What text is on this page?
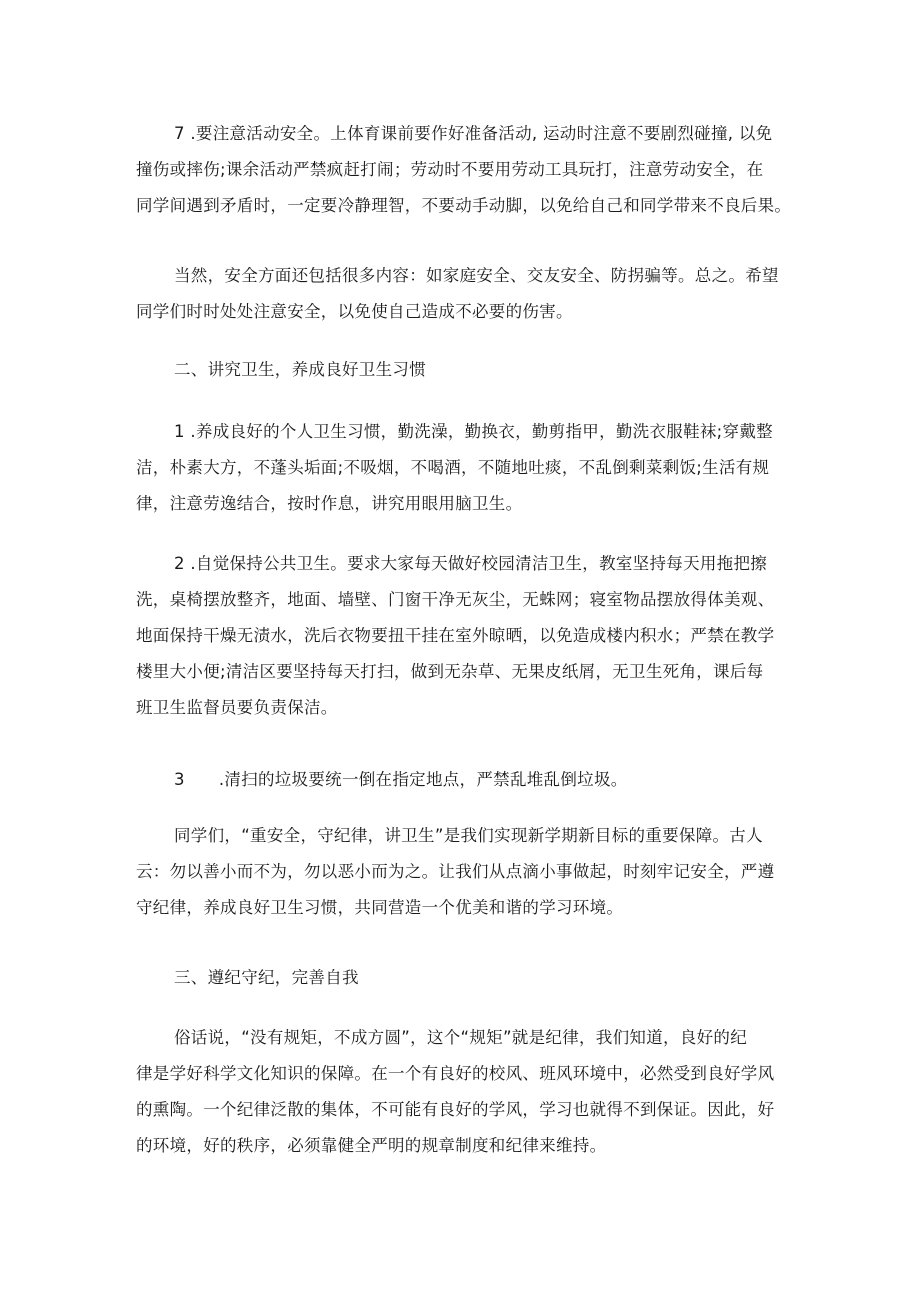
7 .要注意活动安全。上体育课前要作好准备活动, 运动时注意不要剧烈碰撞, 以免
撞伤或摔伤;课余活动严禁疯赶打闹；劳动时不要用劳动工具玩打，注意劳动安全，在
同学间遇到矛盾时，一定要冷静理智，不要动手动脚，以免给自己和同学带来不良后果。
当然，安全方面还包括很多内容：如家庭安全、交友安全、防拐骗等。总之。希望
同学们时时处处注意安全，以免使自己造成不必要的伤害。
二、讲究卫生，养成良好卫生习惯
1 .养成良好的个人卫生习惯，勤洗澡，勤换衣，勤剪指甲，勤洗衣服鞋袜;穿戴整
洁，朴素大方，不蓬头垢面;不吸烟，不喝酒，不随地吐痰，不乱倒剩菜剩饭;生活有规
律，注意劳逸结合，按时作息，讲究用眼用脑卫生。
2 .自觉保持公共卫生。要求大家每天做好校园清洁卫生，教室坚持每天用拖把擦
洗，桌椅摆放整齐，地面、墙壁、门窗干净无灰尘，无蛛网；寝室物品摆放得体美观、
地面保持干燥无渍水，洗后衣物要扭干挂在室外晾晒，以免造成楼内积水；严禁在教学
楼里大小便;清洁区要坚持每天打扫，做到无杂草、无果皮纸屑，无卫生死角，课后每
班卫生监督员要负责保洁。
3 .清扫的垃圾要统一倒在指定地点，严禁乱堆乱倒垃圾。
同学们，“重安全，守纪律，讲卫生”是我们实现新学期新目标的重要保障。古人
云：勿以善小而不为，勿以恶小而为之。让我们从点滴小事做起，时刻牢记安全，严遵
守纪律，养成良好卫生习惯，共同营造一个优美和谐的学习环境。
三、遵纪守纪，完善自我
俗话说，“没有规矩，不成方圆”，这个“规矩”就是纪律，我们知道，良好的纪
律是学好科学文化知识的保障。在一个有良好的校风、班风环境中，必然受到良好学风
的熏陶。一个纪律泛散的集体，不可能有良好的学风，学习也就得不到保证。因此，好
的环境，好的秩序，必须靠健全严明的规章制度和纪律来维持。
